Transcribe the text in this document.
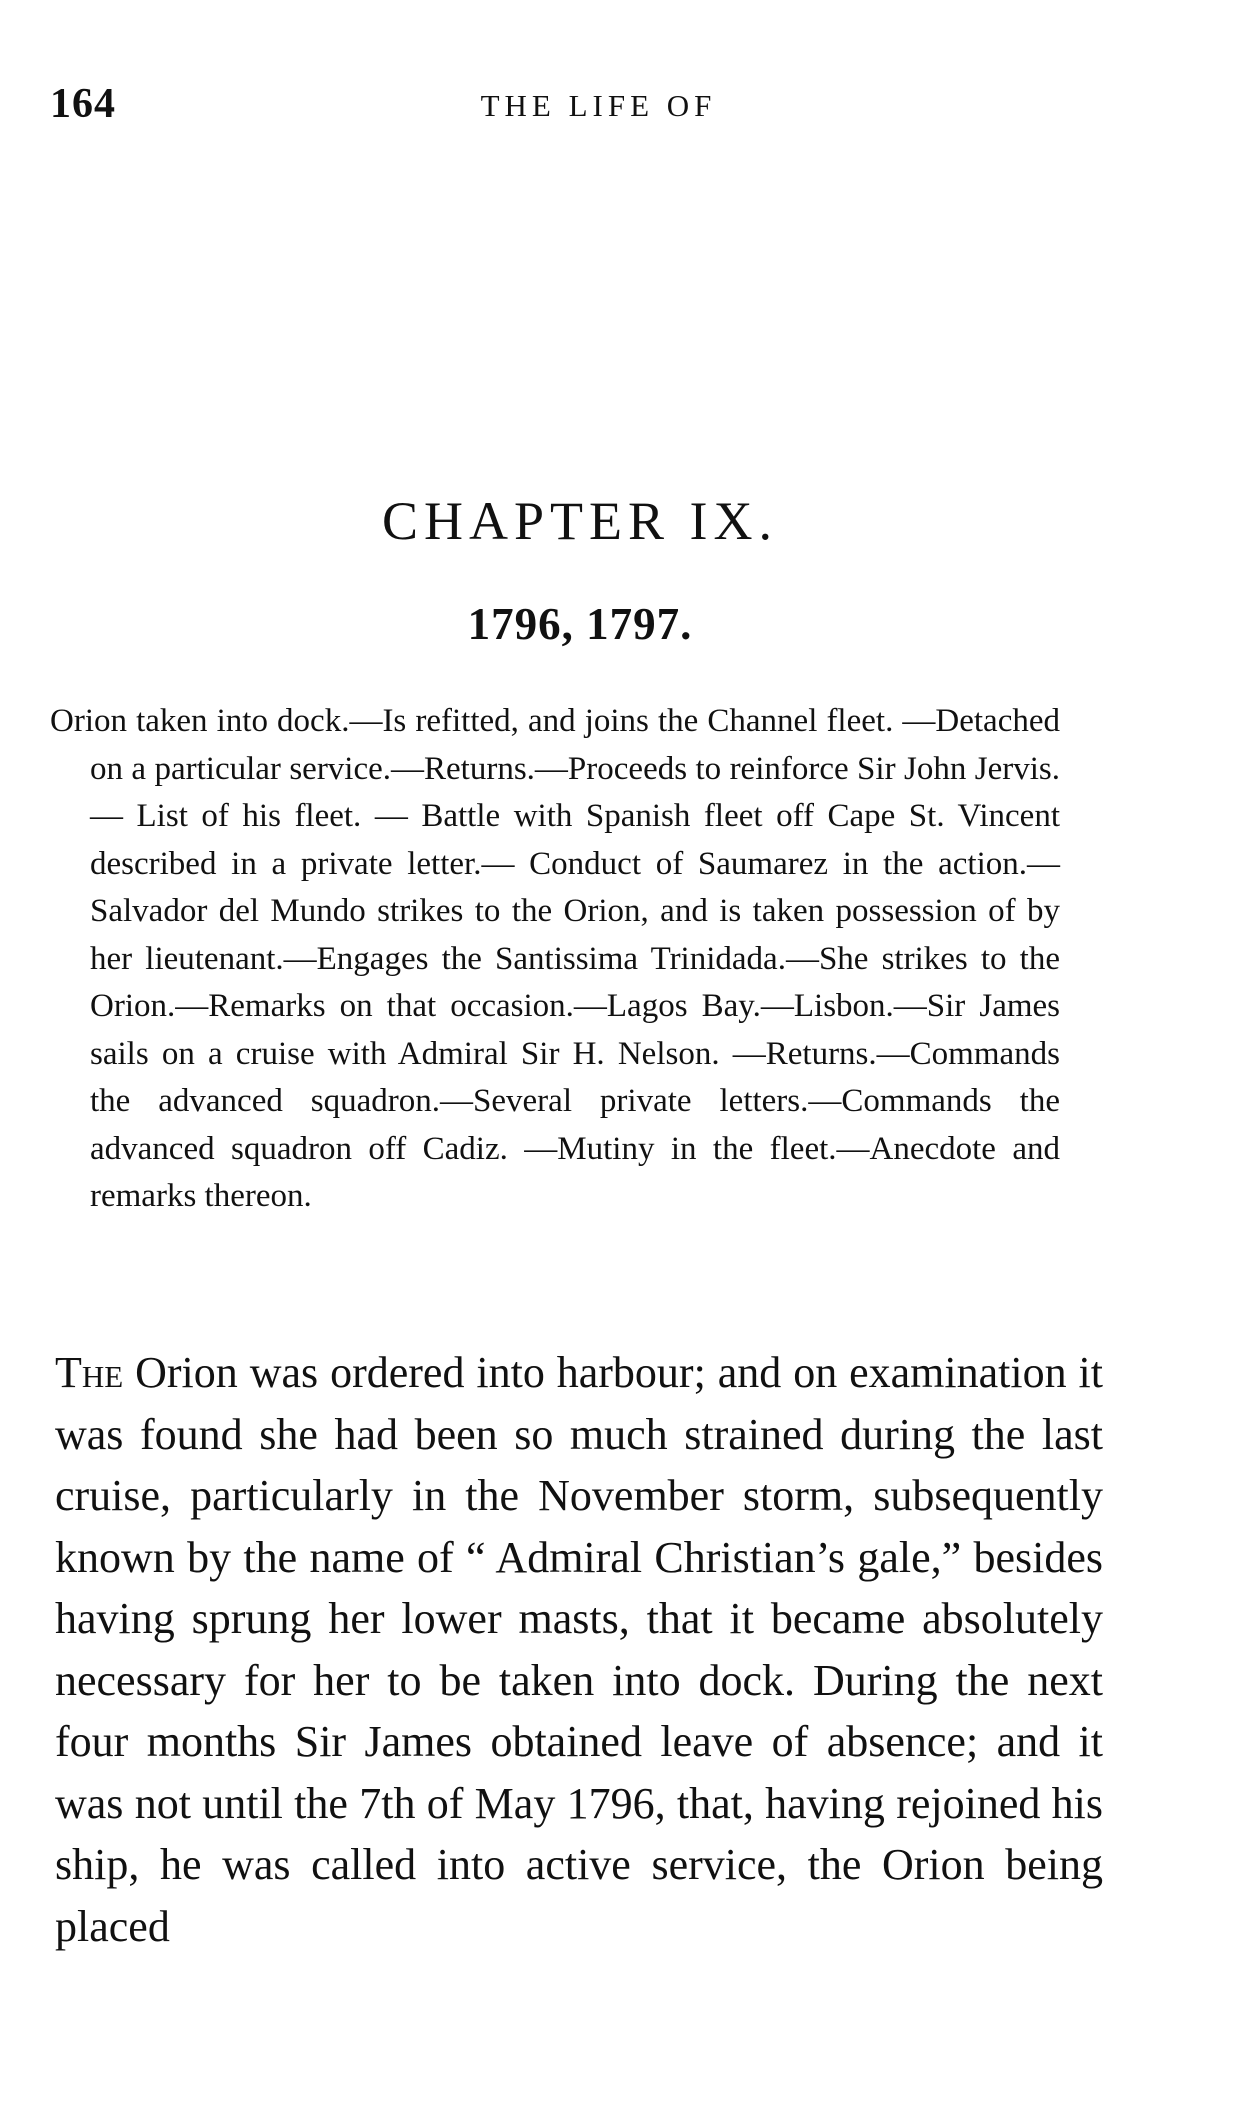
164	THE LIFE OF
CHAPTER IX.
1796, 1797.
Orion taken into dock.—Is refitted, and joins the Channel fleet. —Detached on a particular service.—Returns.—Proceeds to reinforce Sir John Jervis.— List of his fleet. — Battle with Spanish fleet off Cape St. Vincent described in a private letter.— Conduct of Saumarez in the action.— Salvador del Mundo strikes to the Orion, and is taken possession of by her lieutenant.—Engages the Santissima Trinidada.—She strikes to the Orion.—Remarks on that occasion.—Lagos Bay.—Lisbon.—Sir James sails on a cruise with Admiral Sir H. Nelson. —Returns.—Commands the advanced squadron.—Several private letters.—Commands the advanced squadron off Cadiz. —Mutiny in the fleet.—Anecdote and remarks thereon.
The Orion was ordered into harbour; and on examination it was found she had been so much strained during the last cruise, particularly in the November storm, subsequently known by the name of “ Admiral Christian’s gale,” besides having sprung her lower masts, that it became absolutely necessary for her to be taken into dock. During the next four months Sir James obtained leave of absence; and it was not until the 7th of May 1796, that, having rejoined his ship, he was called into active service, the Orion being placed
